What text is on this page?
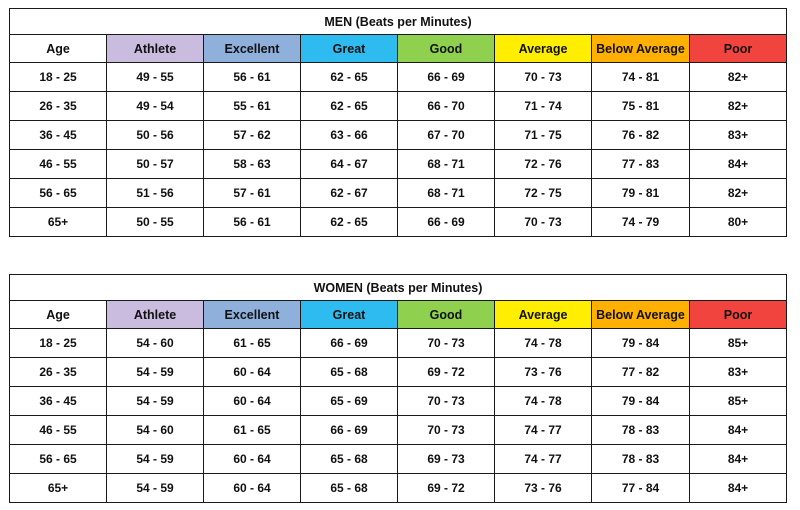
MEN (Beats per Minutes)							
Age	Athlete	Excellent	Great	Good	Average	Below Average	Poor
18 - 25	49 - 55	56 - 61	62 - 65	66 - 69	70 - 73	74 - 81	82+
26 - 35	49 - 54	55 - 61	62 - 65	66 - 70	71 - 74	75 - 81	82+
36 - 45	50 - 56	57 - 62	63 - 66	67 - 70	71 - 75	76 - 82	83+
46 - 55	50 - 57	58 - 63	64 - 67	68 - 71	72 - 76	77 - 83	84+
56 - 65	51 - 56	57 - 61	62 - 67	68 - 71	72 - 75	79 - 81	82+
65+	50 - 55	56 - 61	62 - 65	66 - 69	70 - 73	74 - 79	80+
WOMEN (Beats per Minutes)							
Age	Athlete	Excellent	Great	Good	Average	Below Average	Poor
18 - 25	54 - 60	61 - 65	66 - 69	70 - 73	74 - 78	79 - 84	85+
26 - 35	54 - 59	60 - 64	65 - 68	69 - 72	73 - 76	77 - 82	83+
36 - 45	54 - 59	60 - 64	65 - 69	70 - 73	74 - 78	79 - 84	85+
46 - 55	54 - 60	61 - 65	66 - 69	70 - 73	74 - 77	78 - 83	84+
56 - 65	54 - 59	60 - 64	65 - 68	69 - 73	74 - 77	78 - 83	84+
65+	54 - 59	60 - 64	65 - 68	69 - 72	73 - 76	77 - 84	84+
